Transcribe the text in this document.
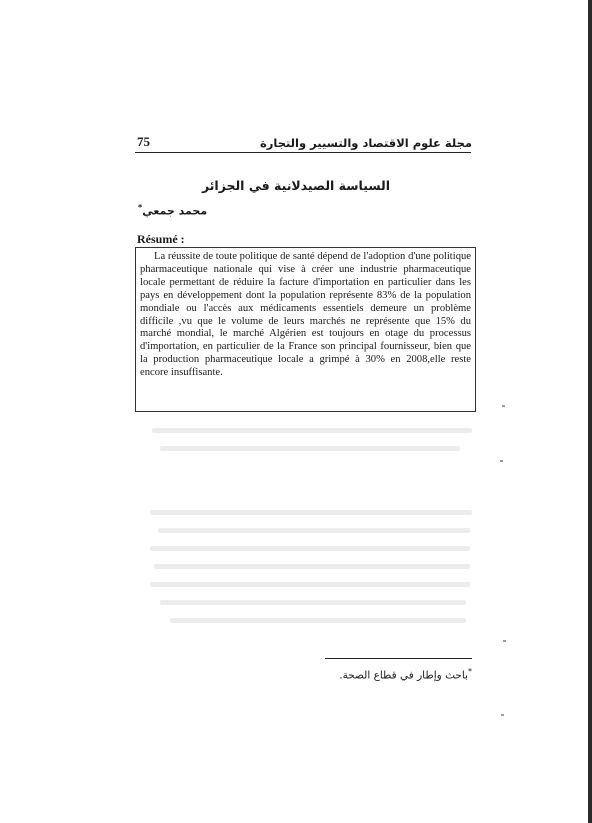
75	مجلة علوم الاقتصاد والتسيير والتجارة
السياسة الصيدلانية في الجزائر
محمد جمعي*
Résumé :

La réussite de toute politique de santé dépend de l'adoption d'une politique pharmaceutique nationale qui vise à créer une industrie pharmaceutique locale permettant de réduire la facture d'importation en particulier dans les pays en développement dont la population représente 83% de la population mondiale ou l'accès aux médicaments essentiels demeure un problème difficile ,vu que le volume de leurs marchés ne représente que 15% du marché mondial, le marché Algérien est toujours en otage du processus d'importation, en particulier de la France son principal fournisseur, bien que la production pharmaceutique locale a grimpé à 30% en 2008,elle reste encore insuffisante.

*باحث وإطار في قطاع الصحة.
